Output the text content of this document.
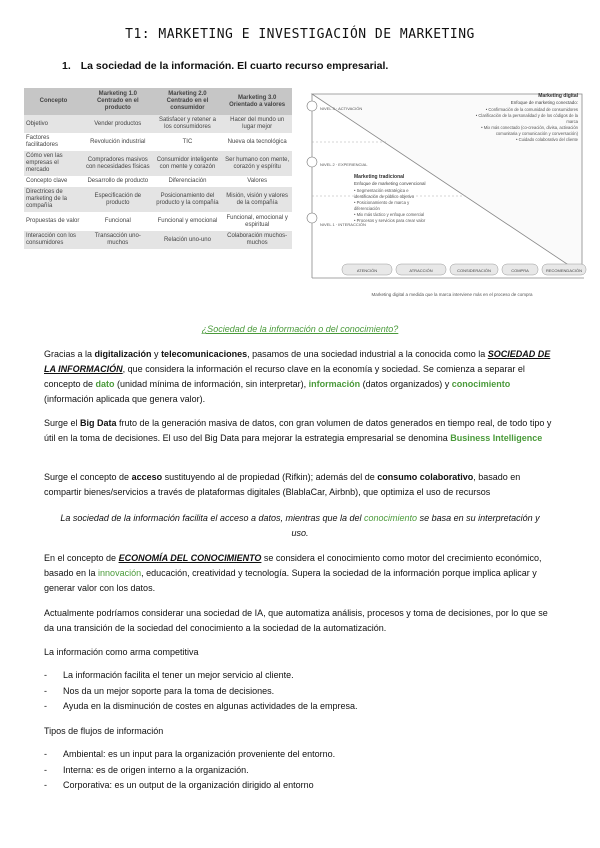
T1: MARKETING E INVESTIGACIÓN DE MARKETING
1. La sociedad de la información. El cuarto recurso empresarial.
Concepto	Marketing 1.0 Centrado en el producto	Marketing 2.0 Centrado en el consumidor	Marketing 3.0 Orientado a valores
Objetivo	Vender productos	Satisfacer y retener a los consumidores	Hacer del mundo un lugar mejor
Factores facilitadores	Revolución industrial	TIC	Nueva ola tecnológica
Cómo ven las empresas el mercado	Compradores masivos con necesidades físicas	Consumidor inteligente con mente y corazón	Ser humano con mente, corazón y espíritu
Concepto clave	Desarrollo de producto	Diferenciación	Valores
Directrices de marketing de la compañía	Especificación de producto	Posicionamiento del producto y la compañía	Misión, visión y valores de la compañía
Propuestas de valor	Funcional	Funcional y emocional	Funcional, emocional y espiritual
Interacción con los consumidores	Transacción uno-muchos	Relación uno-uno	Colaboración muchos-muchos
NIVEL 3 · ACTIVACIÓN
NIVEL 2 · EXPERIENCIAL
NIVEL 1 · INTERACCIÓN
Marketing digital
Enfoque de marketing conectado:
• Confirmación de la comunidad de consumidores
• Clarificación de la personalidad y de los códigos de la
marca
• Mix más conectado (co-creación, divisa, activación
comunitaria y comunicación y conversación)
• Cuidado colaborativo del cliente
Marketing tradicional
Enfoque de marketing convencional
• Segmentación estratégica e
identificación de público objetivo
• Posicionamiento de marca y
diferenciación
• Mix más táctico y enfoque comercial
• Procesos y servicios para crear valor
ATENCIÓN	ATRACCIÓN	CONSIDERACIÓN	COMPRA	RECOMENDACIÓN
Marketing digital a medida que la marca interviene más en el proceso de compra
¿Sociedad de la información o del conocimiento?
Gracias a la digitalización y telecomunicaciones, pasamos de una sociedad industrial a la conocida como la SOCIEDAD DE LA INFORMACIÓN, que considera la información el recurso clave en la economía y sociedad. Se comienza a separar el concepto de dato (unidad mínima de información, sin interpretar), información (datos organizados) y conocimiento (información aplicada que genera valor).
Surge el Big Data fruto de la generación masiva de datos, con gran volumen de datos generados en tiempo real, de todo tipo y útil en la toma de decisiones. El uso del Big Data para mejorar la estrategia empresarial se denomina Business Intelligence
Surge el concepto de acceso sustituyendo al de propiedad (Rifkin); además del de consumo colaborativo, basado en compartir bienes/servicios a través de plataformas digitales (BlablaCar, Airbnb), que optimiza el uso de recursos
La sociedad de la información facilita el acceso a datos, mientras que la del conocimiento se basa en su interpretación y uso.
En el concepto de ECONOMÍA DEL CONOCIMIENTO se considera el conocimiento como motor del crecimiento económico, basado en la innovación, educación, creatividad y tecnología. Supera la sociedad de la información porque implica aplicar y generar valor con los datos.
Actualmente podríamos considerar una sociedad de IA, que automatiza análisis, procesos y toma de decisiones, por lo que se da una transición de la sociedad del conocimiento a la sociedad de la automatización.
La información como arma competitiva
- La información facilita el tener un mejor servicio al cliente.
- Nos da un mejor soporte para la toma de decisiones.
- Ayuda en la disminución de costes en algunas actividades de la empresa.
Tipos de flujos de información
- Ambiental: es un input para la organización proveniente del entorno.
- Interna: es de origen interno a la organización.
- Corporativa: es un output de la organización dirigido al entorno
